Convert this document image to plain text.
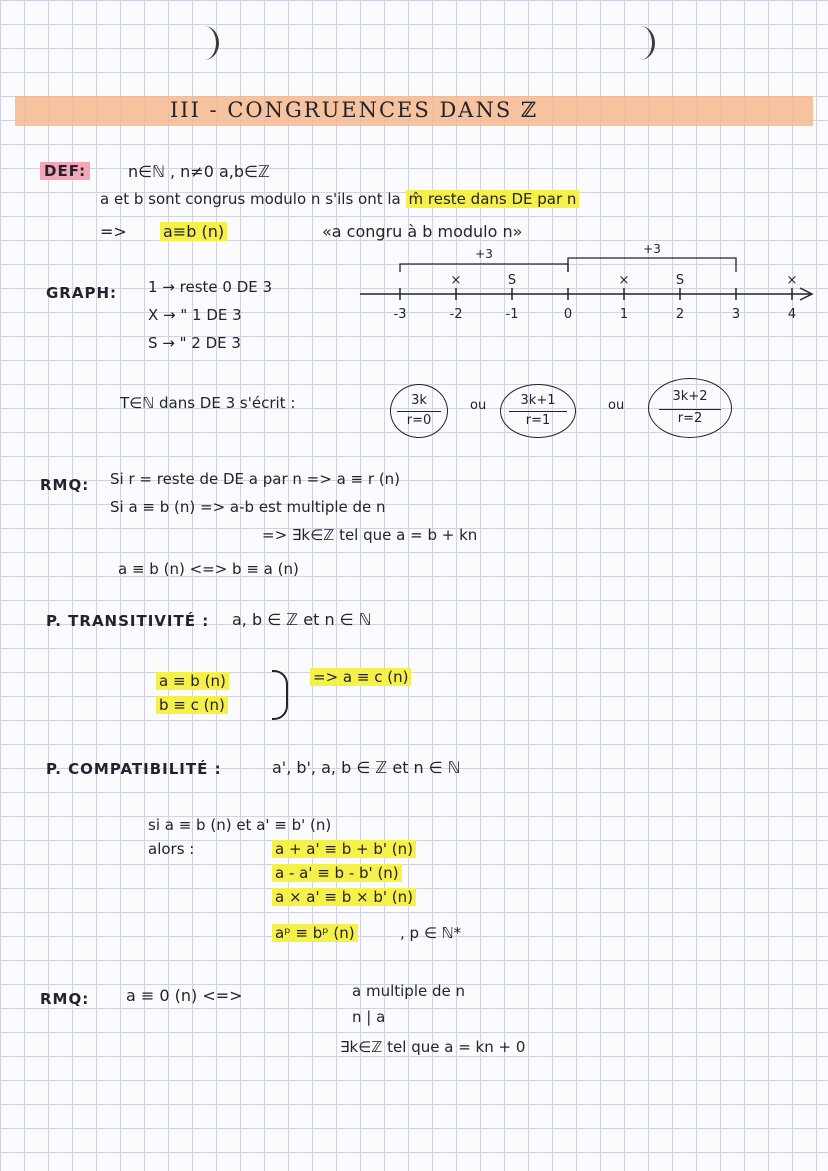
III - CONGRUENCES DANS ℤ
DEF:	n∈ℕ , n≠0 a,b∈ℤ
a et b sont congrus modulo n s'ils ont la m̂ reste dans DE par n
=> a≡b (n)	«a congru à b modulo n»
GRAPH: 1 → reste 0 DE 3
X → " 1 DE 3
S → " 2 DE 3
-3	-2
×
-1
S
0	1
×
2
S
3	4
×
+3	+3
T∈ℕ dans DE 3 s'écrit :	3k
r=0
ou	3k+1
r=1
ou
3k+2
r=2
RMQ: Si r = reste de DE a par n => a ≡ r (n)
Si a ≡ b (n) => a-b est multiple de n
=> ∃k∈ℤ tel que a = b + kn
a ≡ b (n) <=> b ≡ a (n)
P. TRANSITIVITÉ : a, b ∈ ℤ et n ∈ ℕ
a ≡ b (n)
b ≡ c (n)
=> a ≡ c (n)
P. COMPATIBILITÉ :	a', b', a, b ∈ ℤ et n ∈ ℕ
si a ≡ b (n) et a' ≡ b' (n)
alors :	a + a' ≡ b + b' (n)
a - a' ≡ b - b' (n)
a × a' ≡ b × b' (n)
aᵖ ≡ bᵖ (n)	, p ∈ ℕ*
RMQ: a ≡ 0 (n) <=>	a multiple de n
n | a
∃k∈ℤ tel que a = kn + 0
